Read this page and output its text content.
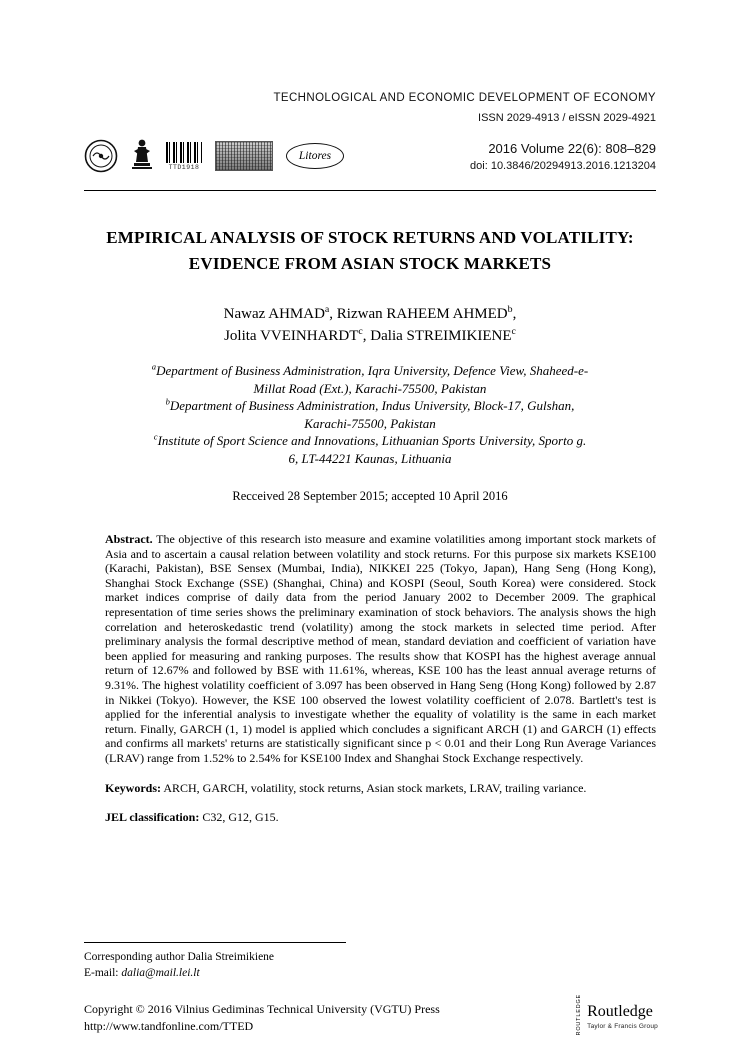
TECHNOLOGICAL AND ECONOMIC DEVELOPMENT OF ECONOMY
ISSN 2029-4913 / eISSN 2029-4921
TTD1918
Litores
2016 Volume 22(6): 808–829
doi: 10.3846/20294913.2016.1213204
EMPIRICAL ANALYSIS OF STOCK RETURNS AND VOLATILITY:
EVIDENCE FROM ASIAN STOCK MARKETS
Nawaz AHMAD$^a$, Rizwan RAHEEM AHMED$^b$,
Jolita VVEINHARDT$^c$, Dalia STREIMIKIENE$^c$

$^a$Department of Business Administration, Iqra University, Defence View, Shaheed-e-Millat Road (Ext.), Karachi-75500, Pakistan

$^b$Department of Business Administration, Indus University, Block-17, Gulshan, Karachi-75500, Pakistan

$^c$Institute of Sport Science and Innovations, Lithuanian Sports University, Sporto g. 6, LT-44221 Kaunas, Lithuania

Recceived 28 September 2015; accepted 10 April 2016

Abstract. The objective of this research isto measure and examine volatilities among important stock markets of Asia and to ascertain a causal relation between volatility and stock returns. For this purpose six markets KSE100 (Karachi, Pakistan), BSE Sensex (Mumbai, India), NIKKEI 225 (Tokyo, Japan), Hang Seng (Hong Kong), Shanghai Stock Exchange (SSE) (Shanghai, China) and KOSPI (Seoul, South Korea) were considered. Stock market indices comprise of daily data from the period January 2002 to December 2009. The graphical representation of time series shows the preliminary examination of stock behaviors. The analysis shows the high correlation and heteroskedastic trend (volatility) among the stock markets in selected time period. After preliminary analysis the formal descriptive method of mean, standard deviation and coefficient of variation have been applied for measuring and ranking purposes. The results show that KOSPI has the highest average annual return of 12.67% and followed by BSE with 11.61%, whereas, KSE 100 has the least annual average returns of 9.31%. The highest volatility coefficient of 3.097 has been observed in Hang Seng (Hong Kong) followed by 2.87 in Nikkei (Tokyo). However, the KSE 100 observed the lowest volatility coefficient of 2.078. Bartlett's test is applied for the inferential analysis to investigate whether the equality of volatility is the same in each market return. Finally, GARCH (1, 1) model is applied which concludes a significant ARCH (1) and GARCH (1) effects and confirms all markets' returns are statistically significant since p < 0.01 and their Long Run Average Variances (LRAV) range from 1.52% to 2.54% for KSE100 Index and Shanghai Stock Exchange respectively.

Keywords: ARCH, GARCH, volatility, stock returns, Asian stock markets, LRAV, trailing variance.

JEL classification: C32, G12, G15.

Corresponding author Dalia Streimikiene
E-mail: dalia@mail.lei.lt
Copyright © 2016 Vilnius Gediminas Technical University (VGTU) Press
http://www.tandfonline.com/TTED	ROUTLEDGE Routledge
Taylor & Francis Group
